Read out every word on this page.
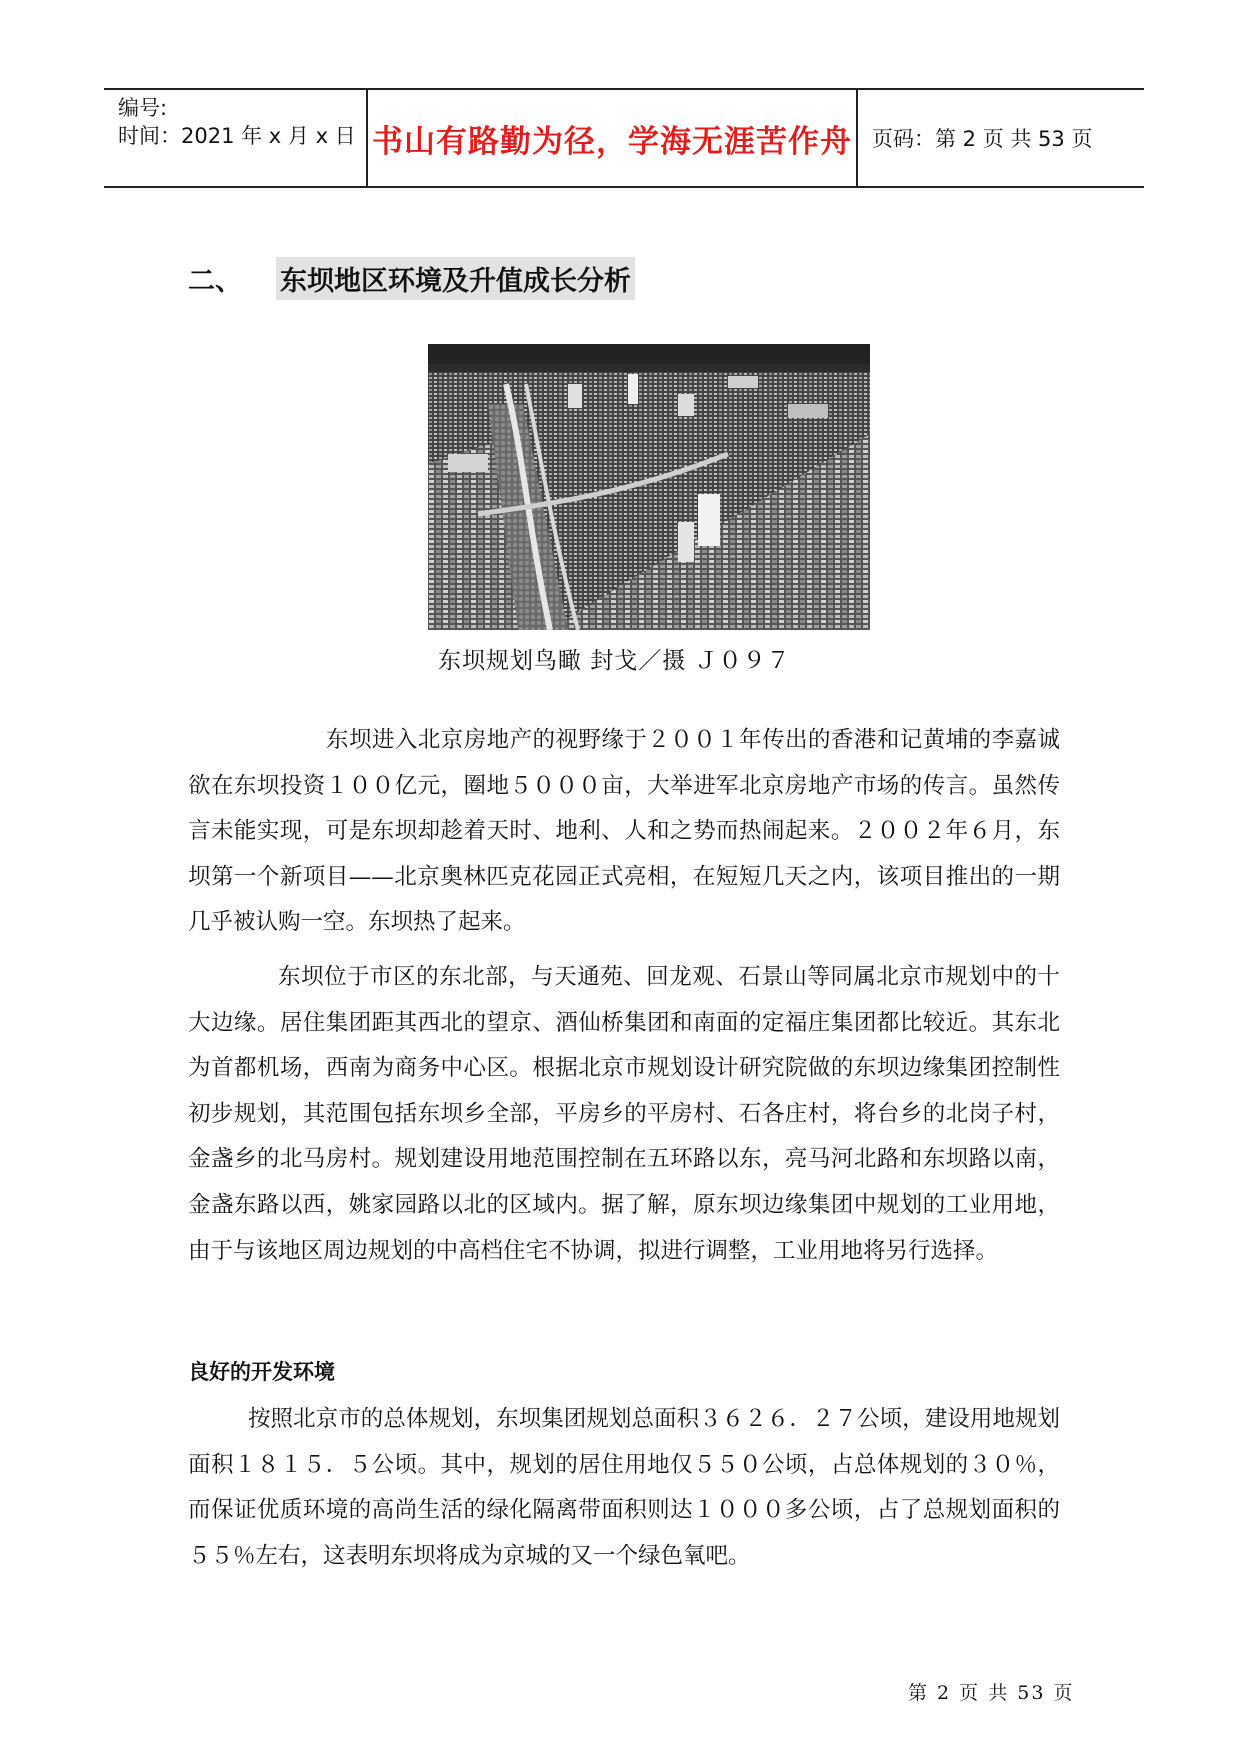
编号:
时间：2021 年 x 月 x 日 书山有路勤为径，学海无涯苦作舟 页码：第 2 页 共 53 页
二、	东坝地区环境及升值成长分析
东坝规划鸟瞰 封戈／摄 Ｊ０９７

东坝进入北京房地产的视野缘于２００１年传出的香港和记黄埔的李嘉诚欲在东坝投资１００亿元，圈地５０００亩，大举进军北京房地产市场的传言。虽然传言未能实现，可是东坝却趁着天时、地利、人和之势而热闹起来。２００２年６月，东坝第一个新项目——北京奥林匹克花园正式亮相，在短短几天之内，该项目推出的一期几乎被认购一空。东坝热了起来。

东坝位于市区的东北部，与天通苑、回龙观、石景山等同属北京市规划中的十大边缘。居住集团距其西北的望京、酒仙桥集团和南面的定福庄集团都比较近。其东北为首都机场，西南为商务中心区。根据北京市规划设计研究院做的东坝边缘集团控制性初步规划，其范围包括东坝乡全部，平房乡的平房村、石各庄村，将台乡的北岗子村，金盏乡的北马房村。规划建设用地范围控制在五环路以东，亮马河北路和东坝路以南，金盏东路以西，姚家园路以北的区域内。据了解，原东坝边缘集团中规划的工业用地，由于与该地区周边规划的中高档住宅不协调，拟进行调整，工业用地将另行选择。

良好的开发环境

按照北京市的总体规划，东坝集团规划总面积３６２６．２７公顷，建设用地规划面积１８１５．５公顷。其中，规划的居住用地仅５５０公顷，占总体规划的３０％，而保证优质环境的高尚生活的绿化隔离带面积则达１０００多公顷，占了总规划面积的５５％左右，这表明东坝将成为京城的又一个绿色氧吧。

第 2 页 共 53 页
